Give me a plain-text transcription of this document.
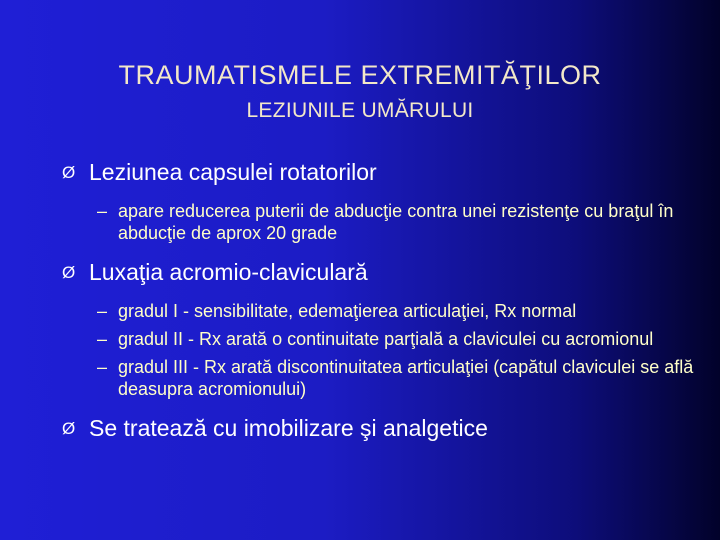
TRAUMATISMELE EXTREMITĂŢILOR
LEZIUNILE UMĂRULUI
Ø Leziunea capsulei rotatorilor
– apare reducerea puterii de abducţie contra unei rezistenţe cu braţul în abducţie de aprox 20 grade
Ø Luxaţia acromio-claviculară
– gradul I - sensibilitate, edemaţierea articulaţiei, Rx normal
– gradul II - Rx arată o continuitate parţială a claviculei cu acromionul
– gradul III - Rx arată discontinuitatea articulaţiei (capătul claviculei se află deasupra acromionului)
Ø Se tratează cu imobilizare şi analgetice
